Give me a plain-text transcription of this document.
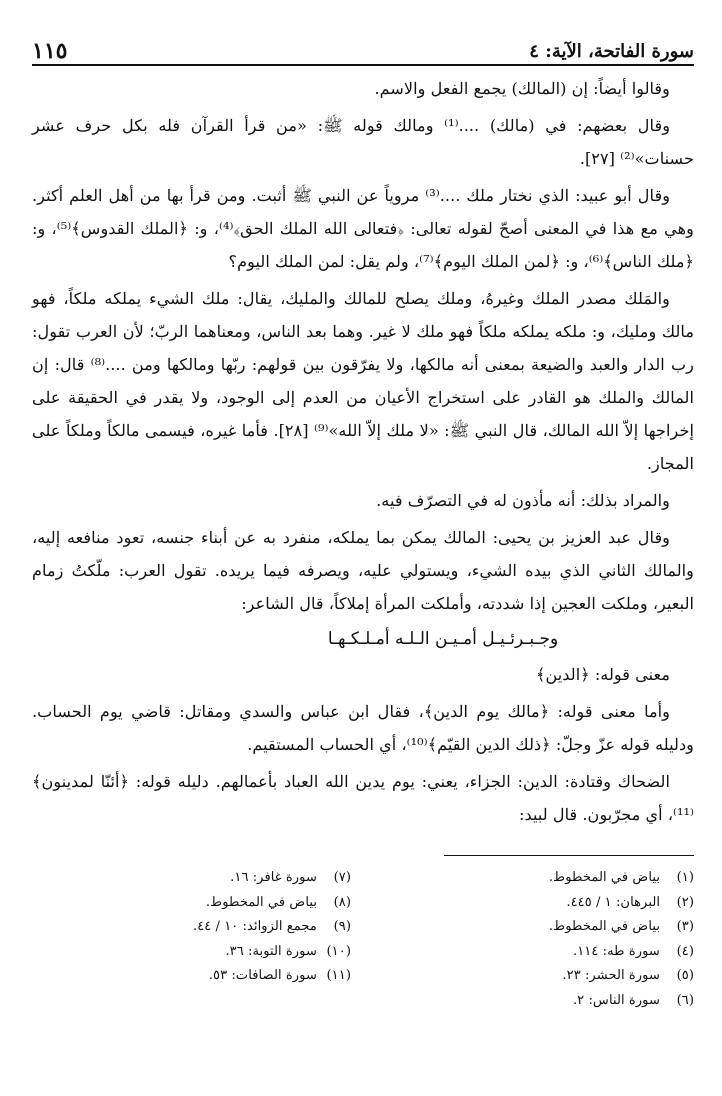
سورة الفاتحة، الآية: ٤
١١٥

وقالوا أيضاً: إن (المالك) يجمع الفعل والاسم.

وقال بعضهم: في (مالك) ....⁽¹⁾ ومالك قوله ﷺ: «من قرأ القرآن فله بكل حرف عشر حسنات»⁽²⁾ [٢٧].

وقال أبو عبيد: الذي نختار ملك ....⁽³⁾ مروياً عن النبي ﷺ أثبت. ومن قرأ بها من أهل العلم أكثر. وهي مع هذا في المعنى أصحّ لقوله تعالى: ﴿فتعالى الله الملك الحق﴾⁽⁴⁾، و: ﴿الملك القدوس﴾⁽⁵⁾، و: ﴿ملك الناس﴾⁽⁶⁾، و: ﴿لمن الملك اليوم﴾⁽⁷⁾، ولم يقل: لمن الملك اليوم؟

والمَلك مصدر الملك وغيرهُ، وملك يصلح للمالك والمليك، يقال: ملك الشيء يملكه ملكاً، فهو مالك ومليك، و: ملكه يملكه ملكاً فهو ملك لا غير. وهما بعد الناس، ومعناهما الربّ؛ لأن العرب تقول: رب الدار والعبد والضيعة بمعنى أنه مالكها، ولا يفرّقون بين قولهم: ربّها ومالكها ومن ....⁽⁸⁾ قال: إن المالك والملك هو القادر على استخراج الأعيان من العدم إلى الوجود، ولا يقدر في الحقيقة على إخراجها إلاّ الله المالك، قال النبي ﷺ: «لا ملك إلاّ الله»⁽⁹⁾ [٢٨]. فأما غيره، فيسمى مالكاً وملكاً على المجاز.

والمراد بذلك: أنه مأذون له في التصرّف فيه.

وقال عبد العزيز بن يحيى: المالك يمكن بما يملكه، منفرد به عن أبناء جنسه، تعود منافعه إليه، والمالك الثاني الذي بيده الشيء، ويستولي عليه، ويصرفه فيما يريده. تقول العرب: ملّكتُ زمام البعير، وملكت العجين إذا شددته، وأملكت المرأة إملاكاً، قال الشاعر:

وجـبـرئـيـل أمـيـن الـلـه أمـلـكـهـا

معنى قوله: ﴿الدين﴾

وأما معنى قوله: ﴿مالك يوم الدين﴾، فقال ابن عباس والسدي ومقاتل: قاضي يوم الحساب. ودليله قوله عزّ وجلّ: ﴿ذلك الدين القيّم﴾⁽¹⁰⁾، أي الحساب المستقيم.

الضحاك وقتادة: الدين: الجزاء، يعني: يوم يدين الله العباد بأعمالهم. دليله قوله: ﴿أئنّا لمدينون﴾⁽¹¹⁾، أي مجرّبون. قال لبيد:

(١)
بياض في المخطوط.
(٢)
البرهان: ١ / ٤٤٥.
(٣)
بياض في المخطوط.
(٤)
سورة طه: ١١٤.
(٥)
سورة الحشر: ٢٣.
(٦)
سورة الناس: ٢.
(٧)
سورة غافر: ١٦.
(٨)
بياض في المخطوط.
(٩)
مجمع الزوائد: ١٠ / ٤٤.
(١٠)
سورة التوبة: ٣٦.
(١١)
سورة الصافات: ٥٣.
